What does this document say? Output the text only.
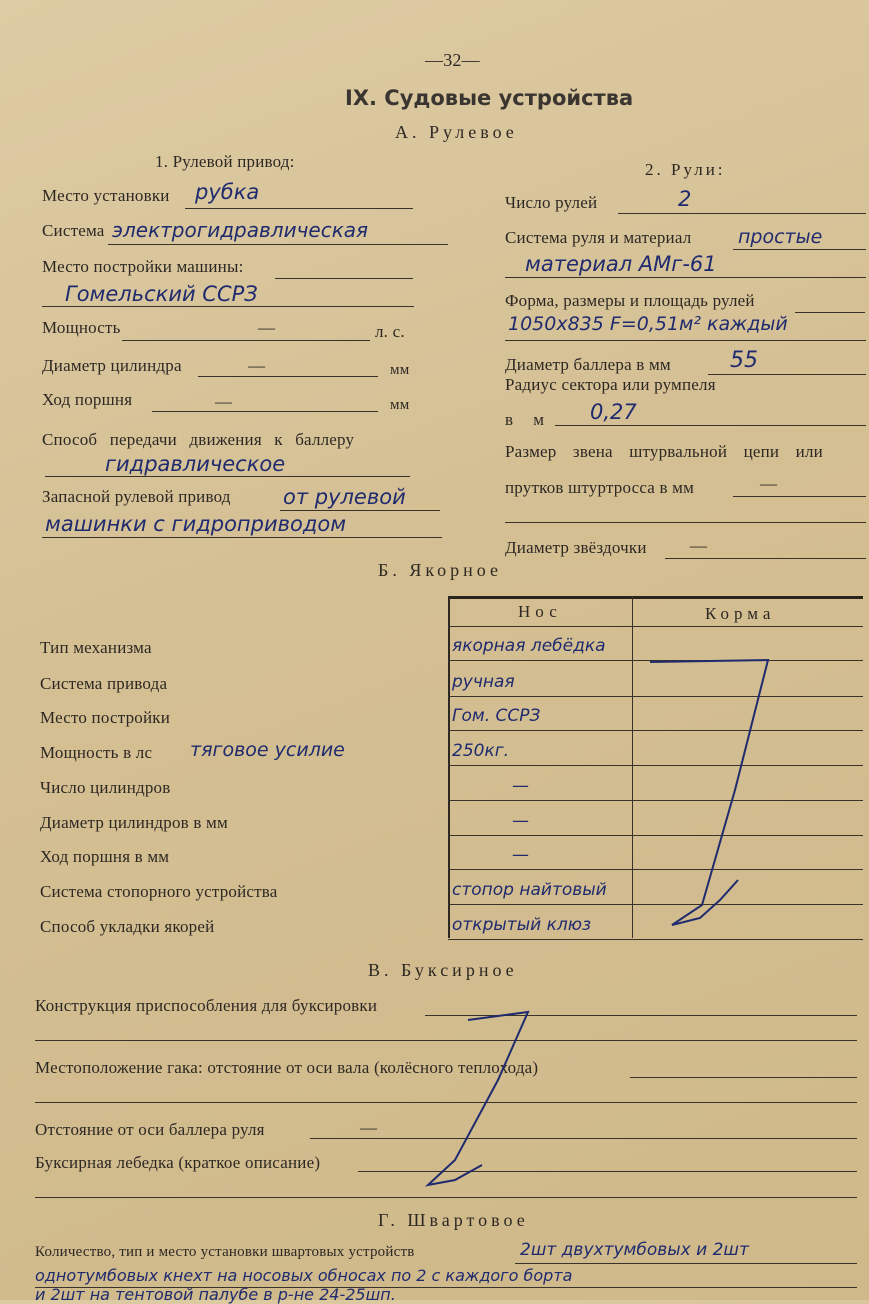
—32—
IX. Судовые устройства
А. Рулевое
1. Рулевой привод:	2. Рули:
Место установки рубка
Система электрогидравлическая
Место постройки машины:
Гомельский ССРЗ
Мощность	—	л. с.
Диаметр цилиндра	—	мм
Ход поршня	—	мм
Способ передачи движения к баллеру
гидравлическое
Запасной рулевой привод от рулевой
машинки с гидроприводом
Число рулей	2
Система руля и материал простые
материал АМг-61
Форма, размеры и площадь рулей
1050x835 F=0,51м² каждый
Диаметр баллера в мм	55
Радиус сектора или румпеля
в м 0,27
Размер звена штурвальной цепи или
прутков штуртросса в мм	—
Диаметр звёздочки	—
Б. Якорное
Нос	Корма
Тип механизма	якорная лебёдка
Система привода	ручная
Место постройки	Гом. ССРЗ
Мощность в лс тяговое усилие	250кг.
Число цилиндров	—
Диаметр цилиндров в мм	—
Ход поршня в мм	—
Система стопорного устройства	стопор найтовый
Способ укладки якорей	открытый клюз
В. Буксирное
Конструкция приспособления для буксировки
Местоположение гака: отстояние от оси вала (колёсного теплохода)
Отстояние от оси баллера руля	—
Буксирная лебедка (краткое описание)
Г. Швартовое
Количество, тип и место установки швартовых устройств	2шт двухтумбовых и 2шт
однотумбовых кнехт на носовых обносах по 2 с каждого борта
и 2шт на тентовой палубе в р-не 24-25шп.
